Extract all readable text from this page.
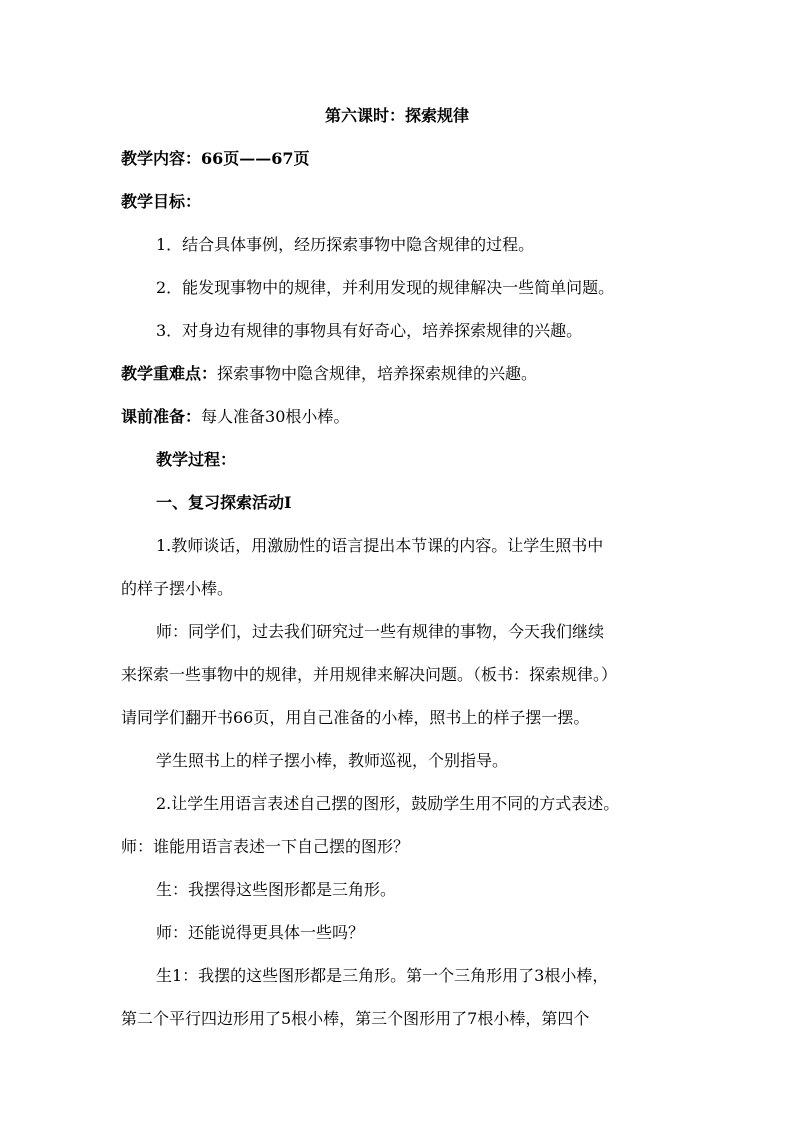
第六课时：探索规律
教学内容：66页——67页
教学目标：
1．结合具体事例，经历探索事物中隐含规律的过程。
2．能发现事物中的规律，并利用发现的规律解决一些简单问题。
3．对身边有规律的事物具有好奇心，培养探索规律的兴趣。
教学重难点：探索事物中隐含规律，培养探索规律的兴趣。
课前准备：每人准备30根小棒。
教学过程：
一、复习探索活动Ⅰ
1.教师谈话，用激励性的语言提出本节课的内容。让学生照书中
的样子摆小棒。
师：同学们，过去我们研究过一些有规律的事物，今天我们继续
来探索一些事物中的规律，并用规律来解决问题。（板书：探索规律。）
请同学们翻开书66页，用自己准备的小棒，照书上的样子摆一摆。
学生照书上的样子摆小棒，教师巡视，个别指导。
2.让学生用语言表述自己摆的图形，鼓励学生用不同的方式表述。
师：谁能用语言表述一下自己摆的图形？
生：我摆得这些图形都是三角形。
师：还能说得更具体一些吗？
生1：我摆的这些图形都是三角形。第一个三角形用了3根小棒，
第二个平行四边形用了5根小棒，第三个图形用了7根小棒，第四个
